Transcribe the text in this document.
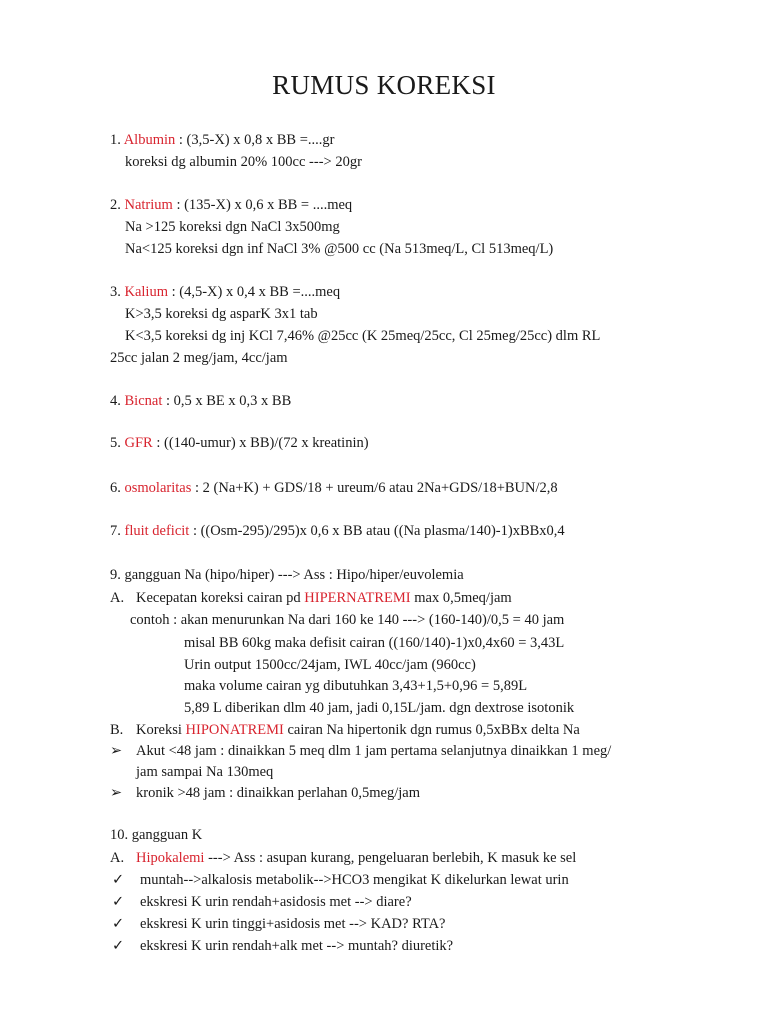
RUMUS KOREKSI
1. Albumin : (3,5-X) x 0,8 x BB =....gr
koreksi dg albumin 20% 100cc ---> 20gr
2. Natrium : (135-X) x 0,6 x BB = ....meq
Na >125 koreksi dgn NaCl 3x500mg
Na<125 koreksi dgn inf NaCl 3% @500 cc (Na 513meq/L, Cl 513meq/L)
3. Kalium : (4,5-X) x 0,4 x BB =....meq
K>3,5 koreksi dg asparK 3x1 tab
K<3,5 koreksi dg inj KCl 7,46% @25cc (K 25meq/25cc, Cl 25meg/25cc) dlm RL
25cc jalan 2 meg/jam, 4cc/jam
4. Bicnat : 0,5 x BE x 0,3 x BB
5. GFR : ((140-umur) x BB)/(72 x kreatinin)
6. osmolaritas : 2 (Na+K) + GDS/18 + ureum/6 atau 2Na+GDS/18+BUN/2,8
7. fluit deficit : ((Osm-295)/295)x 0,6 x BB atau ((Na plasma/140)-1)xBBx0,4
9. gangguan Na (hipo/hiper) ---> Ass : Hipo/hiper/euvolemia
A. Kecepatan koreksi cairan pd HIPERNATREMI max 0,5meq/jam
contoh : akan menurunkan Na dari 160 ke 140 ---> (160-140)/0,5 = 40 jam
misal BB 60kg maka defisit cairan ((160/140)-1)x0,4x60 = 3,43L
Urin output 1500cc/24jam, IWL 40cc/jam (960cc)
maka volume cairan yg dibutuhkan 3,43+1,5+0,96 = 5,89L
5,89 L diberikan dlm 40 jam, jadi 0,15L/jam. dgn dextrose isotonik
B. Koreksi HIPONATREMI cairan Na hipertonik dgn rumus 0,5xBBx delta Na
➢ Akut <48 jam : dinaikkan 5 meq dlm 1 jam pertama selanjutnya dinaikkan 1 meg/
jam sampai Na 130meq
➢ kronik >48 jam : dinaikkan perlahan 0,5meg/jam
10. gangguan K
A. Hipokalemi ---> Ass : asupan kurang, pengeluaran berlebih, K masuk ke sel
✓ muntah-->alkalosis metabolik-->HCO3 mengikat K dikelurkan lewat urin
✓ ekskresi K urin rendah+asidosis met --> diare?
✓ ekskresi K urin tinggi+asidosis met --> KAD? RTA?
✓ ekskresi K urin rendah+alk met --> muntah? diuretik?
